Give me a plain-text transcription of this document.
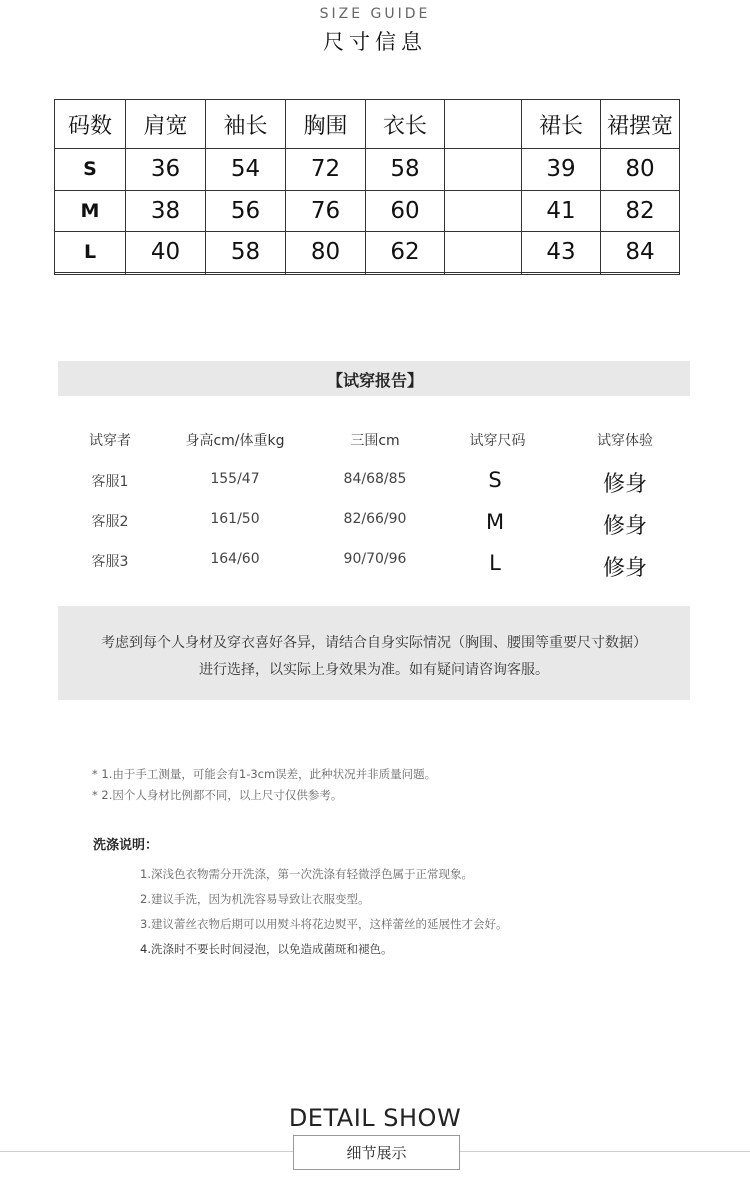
SIZE GUIDE
尺寸信息
码数	肩宽	袖长	胸围	衣长		裙长	裙摆宽
S	36	54	72	58		39	80
M	38	56	76	60		41	82
L	40	58	80	62		43	84

【试穿报告】
试穿者	身高cm/体重kg	三围cm	试穿尺码	试穿体验
客服1	155/47	84/68/85	S	修身
客服2	161/50	82/66/90	M	修身
客服3	164/60	90/70/96	L	修身
考虑到每个人身材及穿衣喜好各异，请结合自身实际情况（胸围、腰围等重要尺寸数据）
进行选择，以实际上身效果为准。如有疑问请咨询客服。
* 1.由于手工测量，可能会有1-3cm误差，此种状况并非质量问题。
* 2.因个人身材比例都不同，以上尺寸仅供参考。
洗涤说明：
1.深浅色衣物需分开洗涤，第一次洗涤有轻微浮色属于正常现象。
2.建议手洗，因为机洗容易导致让衣服变型。
3.建议蕾丝衣物后期可以用熨斗将花边熨平，这样蕾丝的延展性才会好。
4.洗涤时不要长时间浸泡，以免造成菌斑和褪色。
DETAIL SHOW
细节展示
